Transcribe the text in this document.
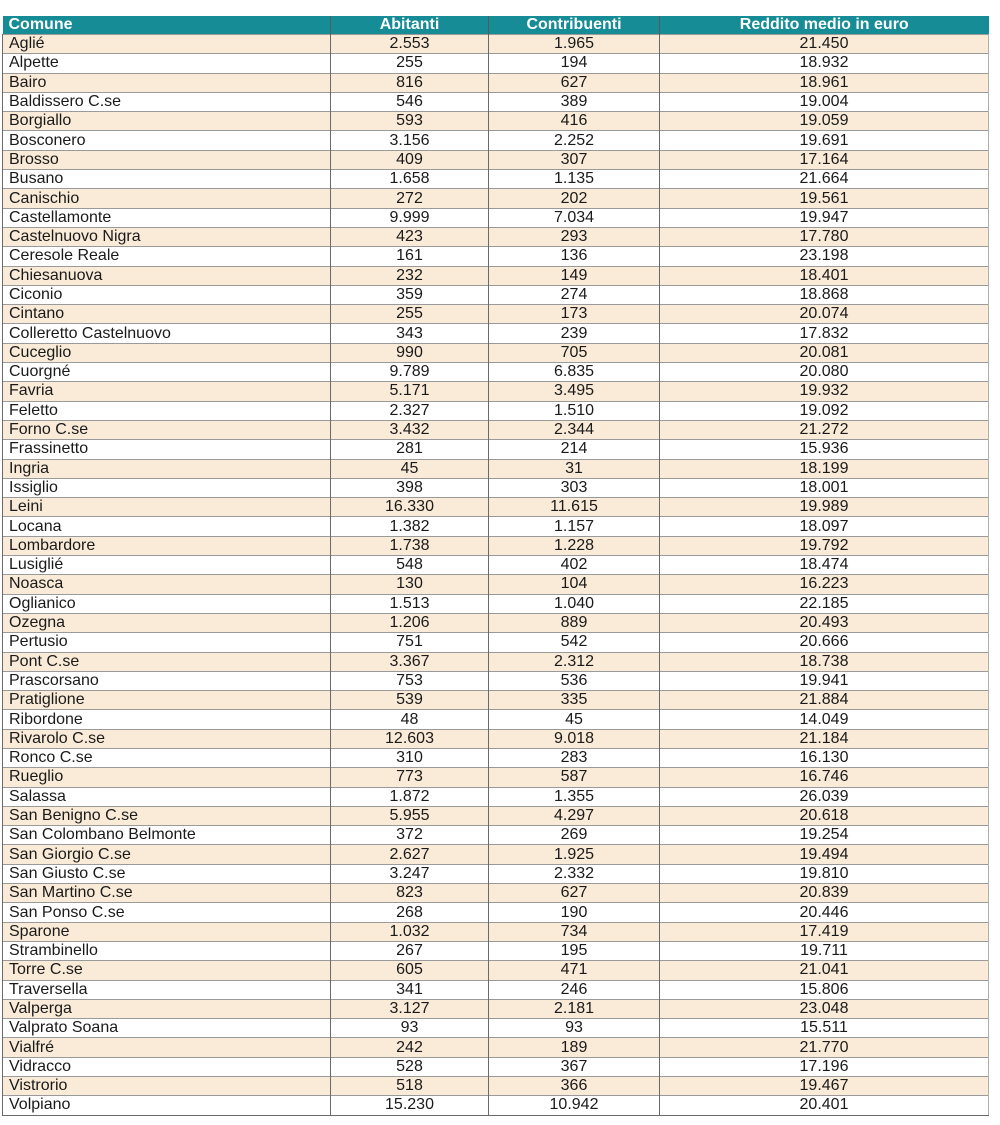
Comune	Abitanti	Contribuenti	Reddito medio in euro
Aglié	2.553	1.965	21.450
Alpette	255	194	18.932
Bairo	816	627	18.961
Baldissero C.se	546	389	19.004
Borgiallo	593	416	19.059
Bosconero	3.156	2.252	19.691
Brosso	409	307	17.164
Busano	1.658	1.135	21.664
Canischio	272	202	19.561
Castellamonte	9.999	7.034	19.947
Castelnuovo Nigra	423	293	17.780
Ceresole Reale	161	136	23.198
Chiesanuova	232	149	18.401
Ciconio	359	274	18.868
Cintano	255	173	20.074
Colleretto Castelnuovo	343	239	17.832
Cuceglio	990	705	20.081
Cuorgné	9.789	6.835	20.080
Favria	5.171	3.495	19.932
Feletto	2.327	1.510	19.092
Forno C.se	3.432	2.344	21.272
Frassinetto	281	214	15.936
Ingria	45	31	18.199
Issiglio	398	303	18.001
Leini	16.330	11.615	19.989
Locana	1.382	1.157	18.097
Lombardore	1.738	1.228	19.792
Lusiglié	548	402	18.474
Noasca	130	104	16.223
Oglianico	1.513	1.040	22.185
Ozegna	1.206	889	20.493
Pertusio	751	542	20.666
Pont C.se	3.367	2.312	18.738
Prascorsano	753	536	19.941
Pratiglione	539	335	21.884
Ribordone	48	45	14.049
Rivarolo C.se	12.603	9.018	21.184
Ronco C.se	310	283	16.130
Rueglio	773	587	16.746
Salassa	1.872	1.355	26.039
San Benigno C.se	5.955	4.297	20.618
San Colombano Belmonte	372	269	19.254
San Giorgio C.se	2.627	1.925	19.494
San Giusto C.se	3.247	2.332	19.810
San Martino C.se	823	627	20.839
San Ponso C.se	268	190	20.446
Sparone	1.032	734	17.419
Strambinello	267	195	19.711
Torre C.se	605	471	21.041
Traversella	341	246	15.806
Valperga	3.127	2.181	23.048
Valprato Soana	93	93	15.511
Vialfré	242	189	21.770
Vidracco	528	367	17.196
Vistrorio	518	366	19.467
Volpiano	15.230	10.942	20.401
